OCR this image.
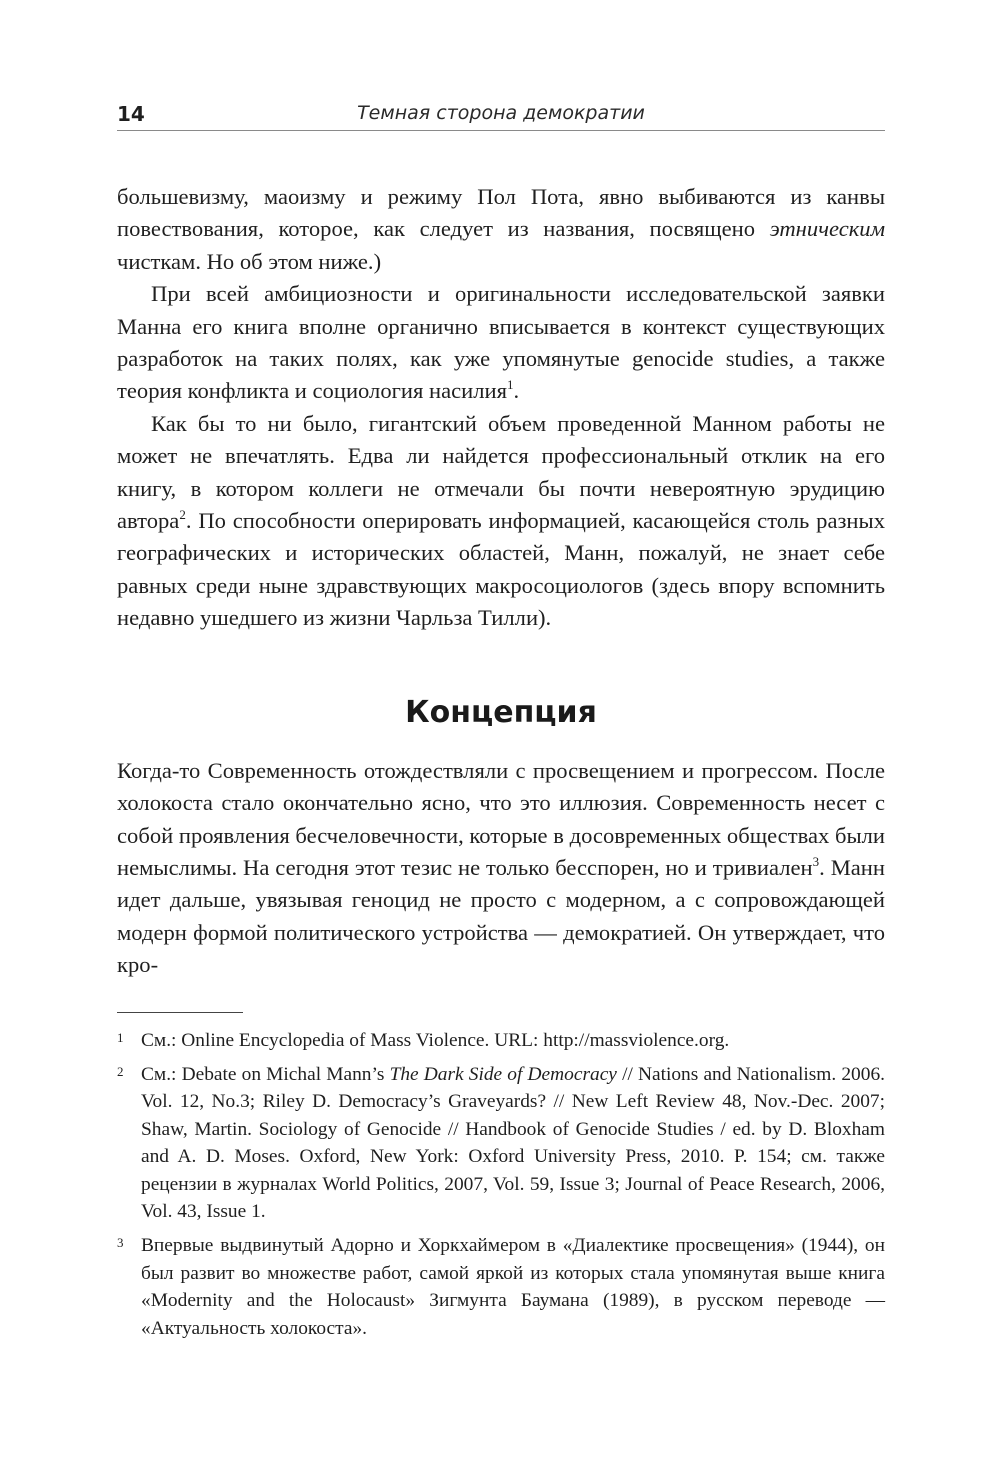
14	Темная сторона демократии

большевизму, маоизму и режиму Пол Пота, явно выбиваются из канвы повествования, которое, как следует из названия, посвящено этническим чисткам. Но об этом ниже.)

При всей амбициозности и оригинальности исследовательской заявки Манна его книга вполне органично вписывается в контекст существующих разработок на таких полях, как уже упомянутые genocide studies, а также теория конфликта и социология насилия$^1$.

Как бы то ни было, гигантский объем проведенной Манном работы не может не впечатлять. Едва ли найдется профессиональный отклик на его книгу, в котором коллеги не отмечали бы почти невероятную эрудицию автора$^2$. По способности оперировать информацией, касающейся столь разных географических и исторических областей, Манн, пожалуй, не знает себе равных среди ныне здравствующих макросоциологов (здесь впору вспомнить недавно ушедшего из жизни Чарльза Тилли).

Концепция

Когда-то Современность отождествляли с просвещением и прогрессом. После холокоста стало окончательно ясно, что это иллюзия. Современность несет с собой проявления бесчеловечности, которые в досовременных обществах были немыслимы. На сегодня этот тезис не только бесспорен, но и тривиален$^3$. Манн идет дальше, увязывая геноцид не просто с модерном, а с сопровождающей модерн формой политического устройства — демократией. Он утверждает, что кро-

1 См.: Online Encyclopedia of Mass Violence. URL: http://massviolence.org.
2 См.: Debate on Michal Mann’s The Dark Side of Democracy // Nations and Nationalism. 2006. Vol. 12, No.3; Riley D. Democracy’s Graveyards? // New Left Review 48, Nov.-Dec. 2007; Shaw, Martin. Sociology of Genocide // Handbook of Genocide Studies / ed. by D. Bloxham and A. D. Moses. Oxford, New York: Oxford University Press, 2010. P. 154; см. также рецензии в журналах World Politics, 2007, Vol. 59, Issue 3; Journal of Peace Research, 2006, Vol. 43, Issue 1.
3 Впервые выдвинутый Адорно и Хоркхаймером в «Диалектике просвещения» (1944), он был развит во множестве работ, самой яркой из которых стала упомянутая выше книга «Modernity and the Holocaust» Зигмунта Баумана (1989), в русском переводе — «Актуальность холокоста».
